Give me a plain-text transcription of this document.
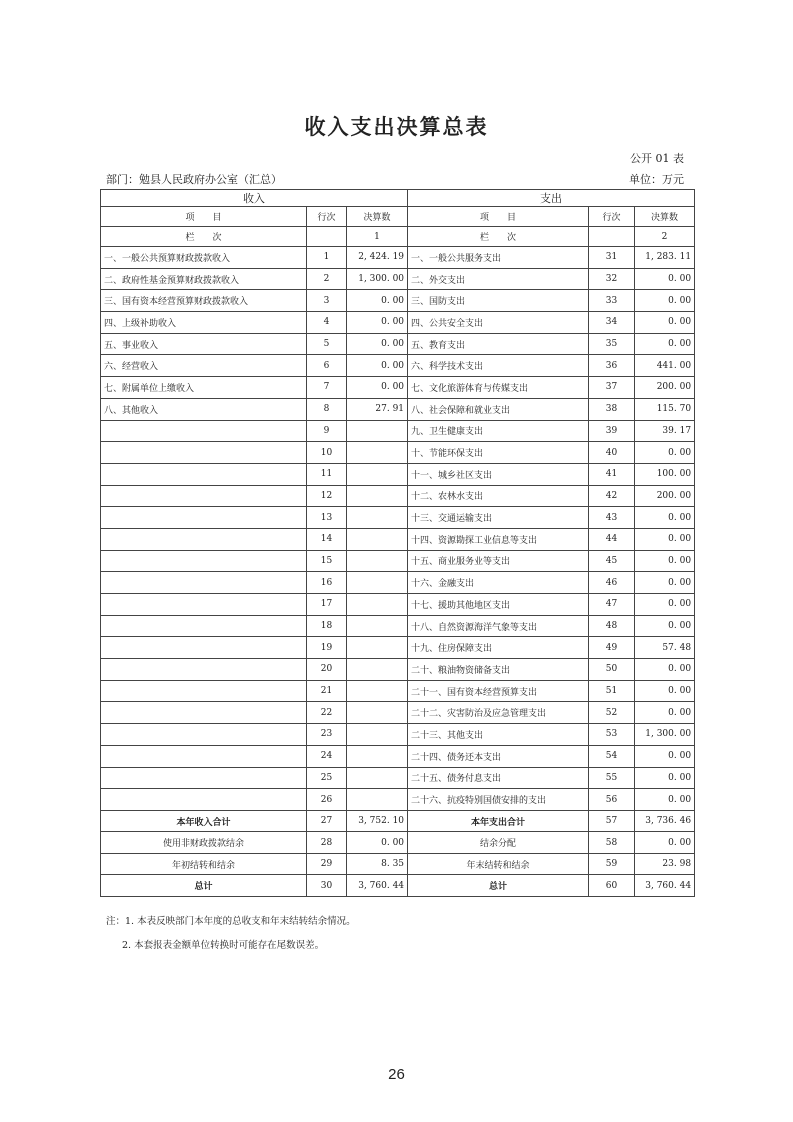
收入支出决算总表
公开 01 表
部门：勉县人民政府办公室（汇总）	单位：万元
收入			支出		
项　　目	行次	决算数	项　　目	行次	决算数
栏　　次		1	栏　　次		2
一、一般公共预算财政拨款收入	1	2, 424. 19	一、一般公共服务支出	31	1, 283. 11
二、政府性基金预算财政拨款收入	2	1, 300. 00	二、外交支出	32	0. 00
三、国有资本经营预算财政拨款收入	3	0. 00	三、国防支出	33	0. 00
四、上级补助收入	4	0. 00	四、公共安全支出	34	0. 00
五、事业收入	5	0. 00	五、教育支出	35	0. 00
六、经营收入	6	0. 00	六、科学技术支出	36	441. 00
七、附属单位上缴收入	7	0. 00	七、文化旅游体育与传媒支出	37	200. 00
八、其他收入	8	27. 91	八、社会保障和就业支出	38	115. 70
	9		九、卫生健康支出	39	39. 17
	10		十、节能环保支出	40	0. 00
	11		十一、城乡社区支出	41	100. 00
	12		十二、农林水支出	42	200. 00
	13		十三、交通运输支出	43	0. 00
	14		十四、资源勘探工业信息等支出	44	0. 00
	15		十五、商业服务业等支出	45	0. 00
	16		十六、金融支出	46	0. 00
	17		十七、援助其他地区支出	47	0. 00
	18		十八、自然资源海洋气象等支出	48	0. 00
	19		十九、住房保障支出	49	57. 48
	20		二十、粮油物资储备支出	50	0. 00
	21		二十一、国有资本经营预算支出	51	0. 00
	22		二十二、灾害防治及应急管理支出	52	0. 00
	23		二十三、其他支出	53	1, 300. 00
	24		二十四、债务还本支出	54	0. 00
	25		二十五、债务付息支出	55	0. 00
	26		二十六、抗疫特别国债安排的支出	56	0. 00
本年收入合计	27	3, 752. 10	本年支出合计	57	3, 736. 46
使用非财政拨款结余	28	0. 00	结余分配	58	0. 00
年初结转和结余	29	8. 35	年末结转和结余	59	23. 98
总计	30	3, 760. 44	总计	60	3, 760. 44
注：1. 本表反映部门本年度的总收支和年末结转结余情况。
2. 本套报表金额单位转换时可能存在尾数误差。
26
